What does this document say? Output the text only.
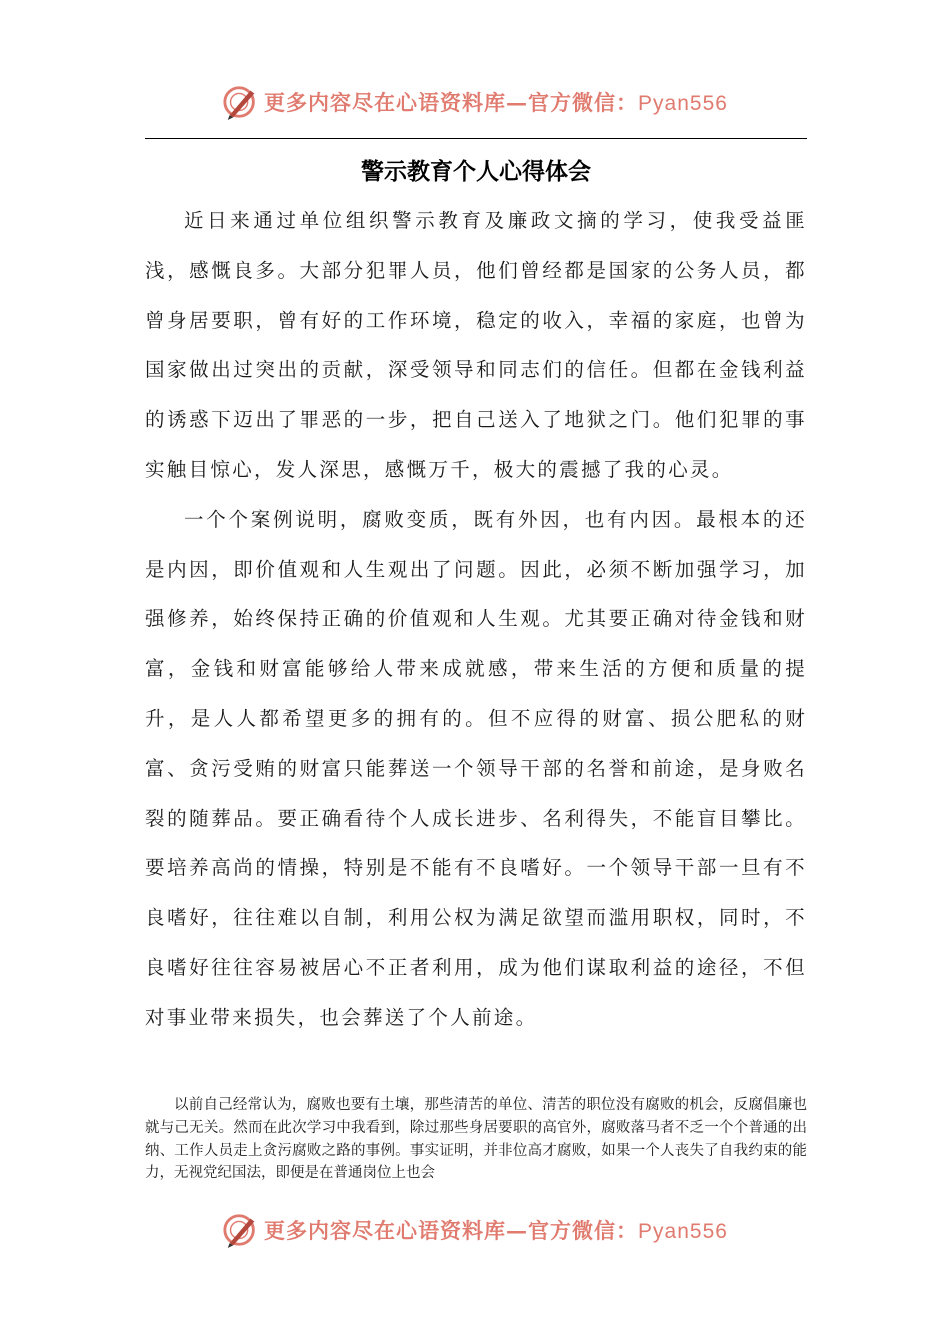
更多内容尽在心语资料库—官方微信：Pyan556
警示教育个人心得体会

近日来通过单位组织警示教育及廉政文摘的学习，使我受益匪浅，感慨良多。大部分犯罪人员，他们曾经都是国家的公务人员，都曾身居要职，曾有好的工作环境，稳定的收入，幸福的家庭，也曾为国家做出过突出的贡献，深受领导和同志们的信任。但都在金钱利益的诱惑下迈出了罪恶的一步，把自己送入了地狱之门。他们犯罪的事实触目惊心，发人深思，感慨万千，极大的震撼了我的心灵。

一个个案例说明，腐败变质，既有外因，也有内因。最根本的还是内因，即价值观和人生观出了问题。因此，必须不断加强学习，加强修养，始终保持正确的价值观和人生观。尤其要正确对待金钱和财富，金钱和财富能够给人带来成就感，带来生活的方便和质量的提升，是人人都希望更多的拥有的。但不应得的财富、损公肥私的财富、贪污受贿的财富只能葬送一个领导干部的名誉和前途，是身败名裂的随葬品。要正确看待个人成长进步、名利得失，不能盲目攀比。要培养高尚的情操，特别是不能有不良嗜好。一个领导干部一旦有不良嗜好，往往难以自制，利用公权为满足欲望而滥用职权，同时，不良嗜好往往容易被居心不正者利用，成为他们谋取利益的途径，不但对事业带来损失，也会葬送了个人前途。

以前自己经常认为，腐败也要有土壤，那些清苦的单位、清苦的职位没有腐败的机会，反腐倡廉也就与己无关。然而在此次学习中我看到，除过那些身居要职的高官外，腐败落马者不乏一个个普通的出纳、工作人员走上贪污腐败之路的事例。事实证明，并非位高才腐败，如果一个人丧失了自我约束的能力，无视党纪国法，即便是在普通岗位上也会

更多内容尽在心语资料库—官方微信：Pyan556
